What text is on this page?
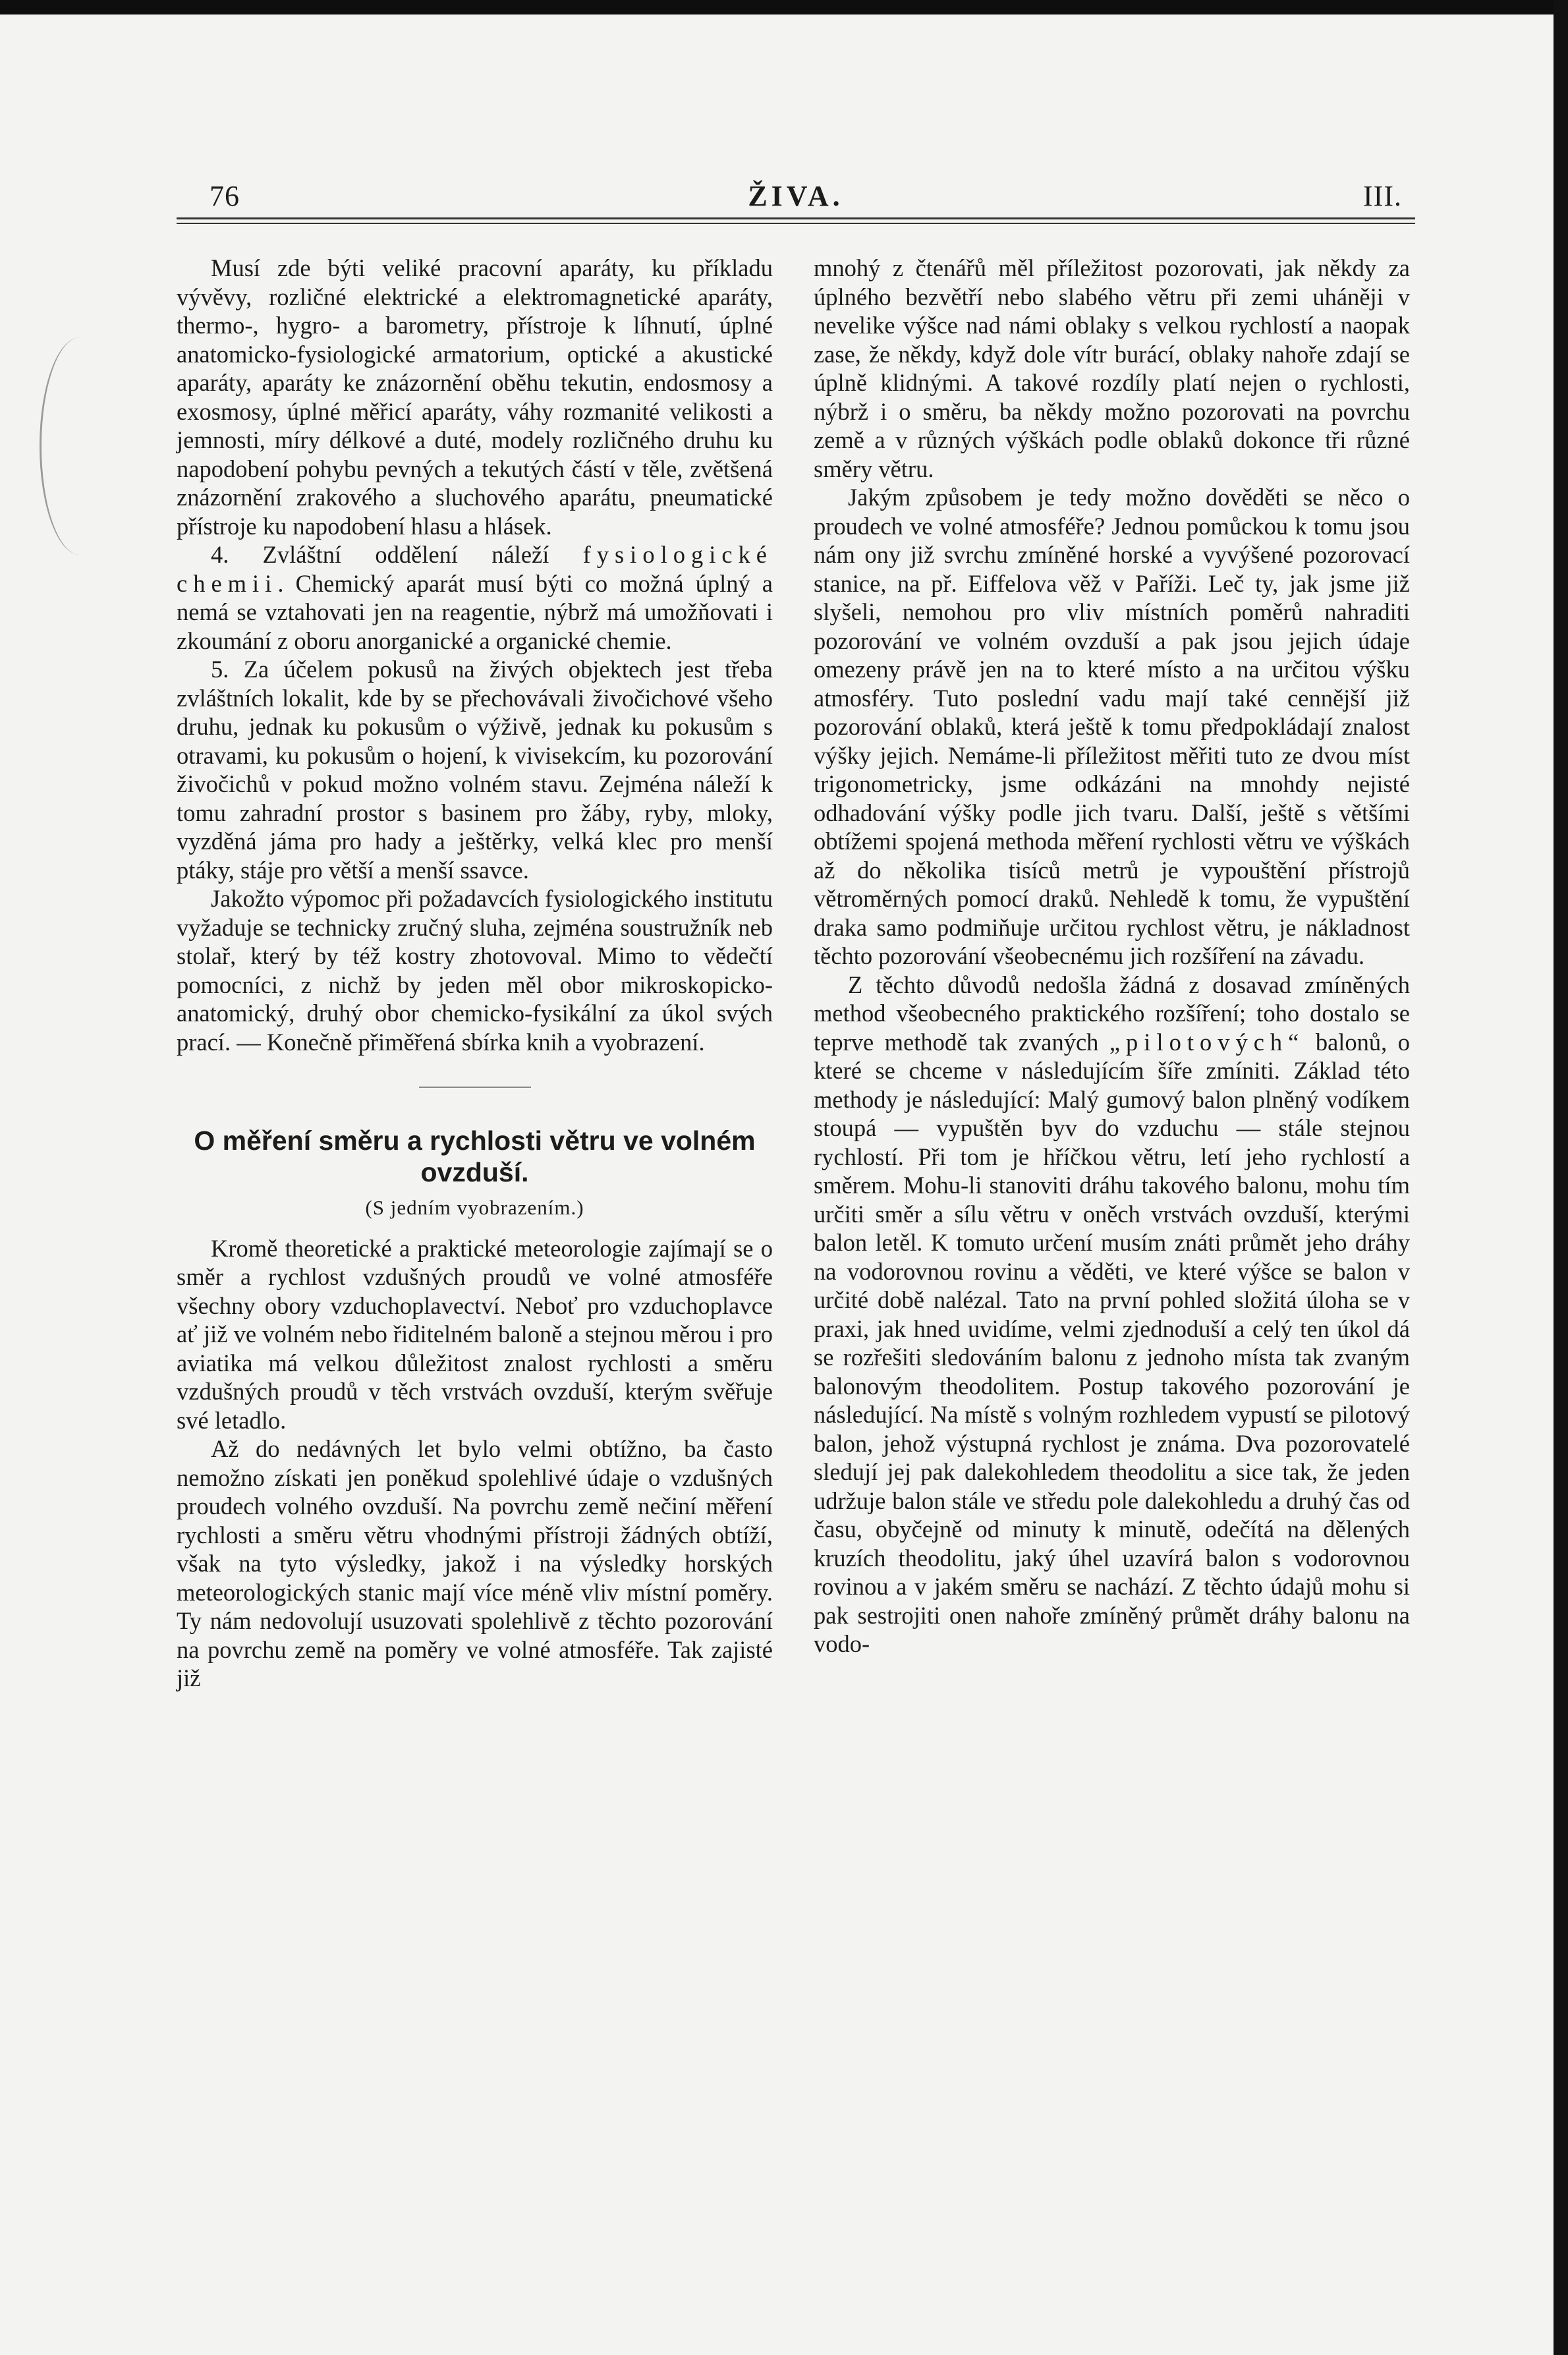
76	ŽIVA.	III.

Musí zde býti veliké pracovní aparáty, ku příkladu vývěvy, rozličné elektrické a elektromagnetické aparáty, thermo-, hygro- a barometry, přístroje k líhnutí, úplné anatomicko-fysiologické armatorium, optické a akustické aparáty, aparáty ke znázornění oběhu tekutin, endosmosy a exosmosy, úplné měřicí aparáty, váhy rozmanité velikosti a jemnosti, míry délkové a duté, modely rozličného druhu ku napodobení pohybu pevných a tekutých částí v těle, zvětšená znázornění zrakového a sluchového aparátu, pneumatické přístroje ku napodobení hlasu a hlásek.

4. Zvláštní oddělení náleží fysiologické chemii. Chemický aparát musí býti co možná úplný a nemá se vztahovati jen na reagentie, nýbrž má umožňovati i zkoumání z oboru anorganické a organické chemie.

5. Za účelem pokusů na živých objektech jest třeba zvláštních lokalit, kde by se přechovávali živočichové všeho druhu, jednak ku pokusům o výživě, jednak ku pokusům s otravami, ku pokusům o hojení, k vivisekcím, ku pozorování živočichů v pokud možno volném stavu. Zejména náleží k tomu zahradní prostor s basinem pro žáby, ryby, mloky, vyzděná jáma pro hady a ještěrky, velká klec pro menší ptáky, stáje pro větší a menší ssavce.

Jakožto výpomoc při požadavcích fysiologického institutu vyžaduje se technicky zručný sluha, zejména soustružník neb stolař, který by též kostry zhotovoval. Mimo to vědečtí pomocníci, z nichž by jeden měl obor mikroskopicko-anatomický, druhý obor chemicko-fysikální za úkol svých prací. — Konečně přiměřená sbírka knih a vyobrazení.

O měření směru a rychlosti větru ve volném ovzduší.
(S jedním vyobrazením.)

Kromě theoretické a praktické meteorologie zajímají se o směr a rychlost vzdušných proudů ve volné atmosféře všechny obory vzduchoplavectví. Neboť pro vzduchoplavce ať již ve volném nebo řiditelném baloně a stejnou měrou i pro aviatika má velkou důležitost znalost rychlosti a směru vzdušných proudů v těch vrstvách ovzduší, kterým svěřuje své letadlo.

Až do nedávných let bylo velmi obtížno, ba často nemožno získati jen poněkud spolehlivé údaje o vzdušných proudech volného ovzduší. Na povrchu země nečiní měření rychlosti a směru větru vhodnými přístroji žádných obtíží, však na tyto výsledky, jakož i na výsledky horských meteorologických stanic mají více méně vliv místní poměry. Ty nám nedovolují usuzovati spolehlivě z těchto pozorování na povrchu země na poměry ve volné atmosféře. Tak zajisté již

mnohý z čtenářů měl příležitost pozorovati, jak někdy za úplného bezvětří nebo slabého větru při zemi uháněji v nevelike výšce nad námi oblaky s velkou rychlostí a naopak zase, že někdy, když dole vítr burácí, oblaky nahoře zdají se úplně klidnými. A takové rozdíly platí nejen o rychlosti, nýbrž i o směru, ba někdy možno pozorovati na povrchu země a v různých výškách podle oblaků dokonce tři různé směry větru.

Jakým způsobem je tedy možno dověděti se něco o proudech ve volné atmosféře? Jednou pomůckou k tomu jsou nám ony již svrchu zmíněné horské a vyvýšené pozorovací stanice, na př. Eiffelova věž v Paříži. Leč ty, jak jsme již slyšeli, nemohou pro vliv místních poměrů nahraditi pozorování ve volném ovzduší a pak jsou jejich údaje omezeny právě jen na to které místo a na určitou výšku atmosféry. Tuto poslední vadu mají také cennější již pozorování oblaků, která ještě k tomu předpokládají znalost výšky jejich. Nemáme-li příležitost měřiti tuto ze dvou míst trigonometricky, jsme odkázáni na mnohdy nejisté odhadování výšky podle jich tvaru. Další, ještě s většími obtížemi spojená methoda měření rychlosti větru ve výškách až do několika tisíců metrů je vypouštění přístrojů větroměrných pomocí draků. Nehledě k tomu, že vypuštění draka samo podmiňuje určitou rychlost větru, je nákladnost těchto pozorování všeobecnému jich rozšíření na závadu.

Z těchto důvodů nedošla žádná z dosavad zmíněných method všeobecného praktického rozšíření; toho dostalo se teprve methodě tak zvaných „pilotových“ balonů, o které se chceme v následujícím šíře zmíniti. Základ této methody je následující: Malý gumový balon plněný vodíkem stoupá — vypuštěn byv do vzduchu — stále stejnou rychlostí. Při tom je hříčkou větru, letí jeho rychlostí a směrem. Mohu-li stanoviti dráhu takového balonu, mohu tím určiti směr a sílu větru v oněch vrstvách ovzduší, kterými balon letěl. K tomuto určení musím znáti průmět jeho dráhy na vodorovnou rovinu a věděti, ve které výšce se balon v určité době nalézal. Tato na první pohled složitá úloha se v praxi, jak hned uvidíme, velmi zjednoduší a celý ten úkol dá se rozřešiti sledováním balonu z jednoho místa tak zvaným balonovým theodolitem. Postup takového pozorování je následující. Na místě s volným rozhledem vypustí se pilotový balon, jehož výstupná rychlost je známa. Dva pozorovatelé sledují jej pak dalekohledem theodolitu a sice tak, že jeden udržuje balon stále ve středu pole dalekohledu a druhý čas od času, obyčejně od minuty k minutě, odečítá na dělených kruzích theodolitu, jaký úhel uzavírá balon s vodorovnou rovinou a v jakém směru se nachází. Z těchto údajů mohu si pak sestrojiti onen nahoře zmíněný průmět dráhy balonu na vodo-
